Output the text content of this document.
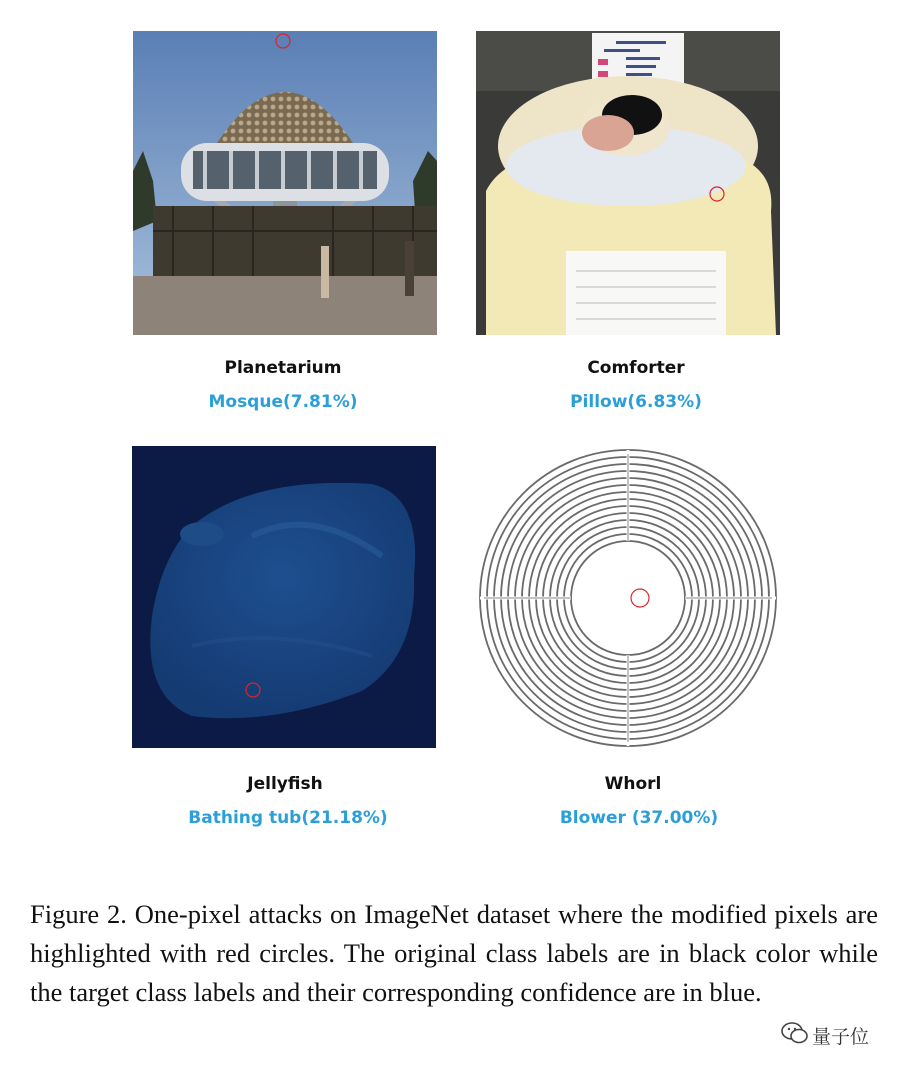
Planetarium
Mosque(7.81%)
Comforter
Pillow(6.83%)
Jellyfish
Bathing tub(21.18%)
Whorl
Blower (37.00%)
Figure 2. One-pixel attacks on ImageNet dataset where the modified pixels are highlighted with red circles. The original class labels are in black color while the target class labels and their corresponding confidence are in blue.
量子位
